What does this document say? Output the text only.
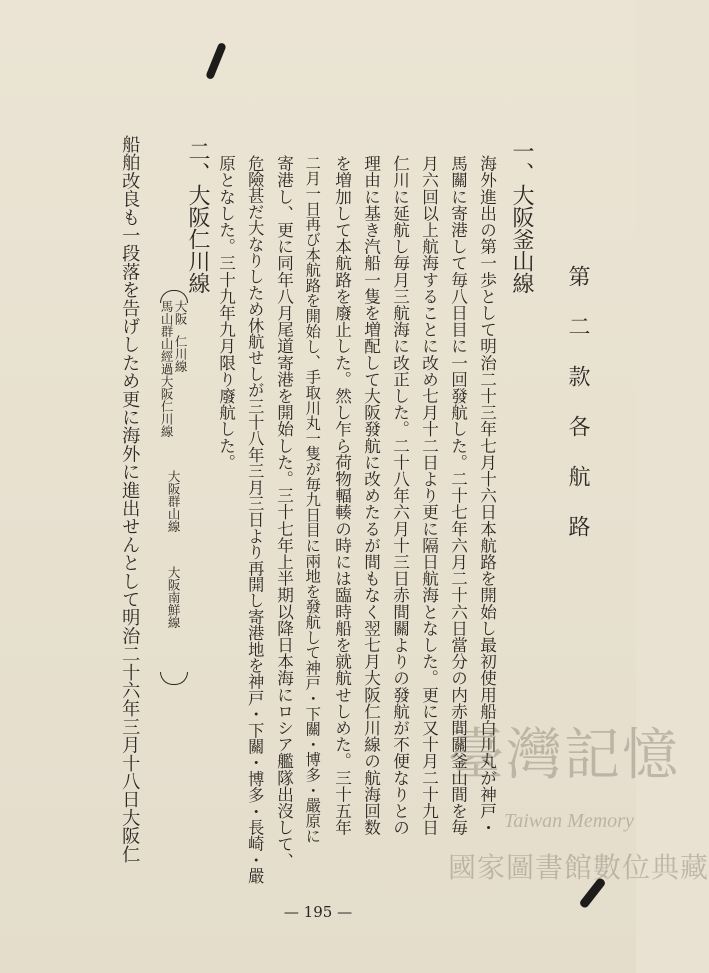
第二款各航路
一、大阪釜山線
海外進出の第一歩として明治二十三年七月十六日本航路を開始し最初使用船白川丸が神戸・
馬關に寄港して毎八日目に一回發航した。二十七年六月二十六日當分の内赤間關釜山間を毎
月六回以上航海することに改め七月十二日より更に隔日航海となした。更に又十月二十九日
仁川に延航し毎月三航海に改正した。二十八年六月十三日赤間關よりの發航が不便なりとの
理由に基き汽船一隻を増配して大阪發航に改めたるが間もなく翌七月大阪仁川線の航海回数
を増加して本航路を廢止した。然し乍ら荷物輻輳の時には臨時船を就航せしめた。三十五年
二月一日再び本航路を開始し、手取川丸一隻が毎九日目に兩地を發航して神戸・下關・博多・嚴原に
寄港し、更に同年八月尾道寄港を開始した。三十七年上半期以降日本海にロシア艦隊出沒して、
危險甚だ大なりしため休航せしが三十八年三月三日より再開し寄港地を神戸・下關・博多・長崎・嚴
原となした。三十九年九月限り廢航した。
二、大阪仁川線
大阪
仁川線
馬山群山經過大阪仁川線
大阪群山線
大阪南鮮線
船舶改良も一段落を告げしため更に海外に進出せんとして明治二十六年三月十八日大阪仁
— 195 —
臺灣記憶
Taiwan Memory
國家圖書館數位典藏
